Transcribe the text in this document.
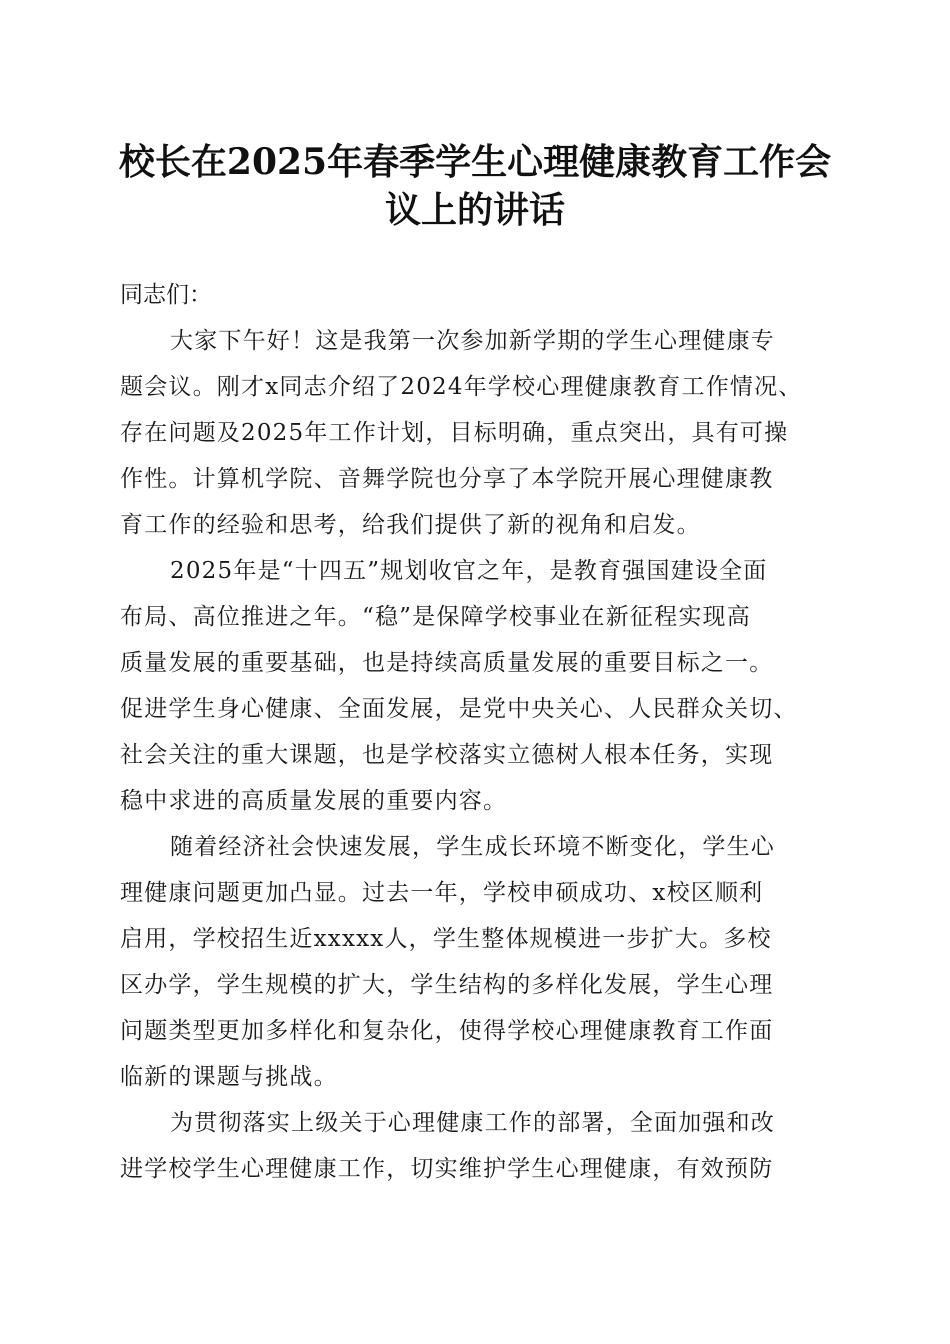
校长在2025年春季学生心理健康教育工作会
议上的讲话

同志们：

大家下午好！这是我第一次参加新学期的学生心理健康专
题会议。刚才x同志介绍了2024年学校心理健康教育工作情况、
存在问题及2025年工作计划，目标明确，重点突出，具有可操
作性。计算机学院、音舞学院也分享了本学院开展心理健康教
育工作的经验和思考，给我们提供了新的视角和启发。

2025年是“十四五”规划收官之年，是教育强国建设全面
布局、高位推进之年。“稳”是保障学校事业在新征程实现高
质量发展的重要基础，也是持续高质量发展的重要目标之一。
促进学生身心健康、全面发展，是党中央关心、人民群众关切、
社会关注的重大课题，也是学校落实立德树人根本任务，实现
稳中求进的高质量发展的重要内容。

随着经济社会快速发展，学生成长环境不断变化，学生心
理健康问题更加凸显。过去一年，学校申硕成功、x校区顺利
启用，学校招生近xxxxx人，学生整体规模进一步扩大。多校
区办学，学生规模的扩大，学生结构的多样化发展，学生心理
问题类型更加多样化和复杂化，使得学校心理健康教育工作面
临新的课题与挑战。

为贯彻落实上级关于心理健康工作的部署，全面加强和改
进学校学生心理健康工作，切实维护学生心理健康，有效预防
